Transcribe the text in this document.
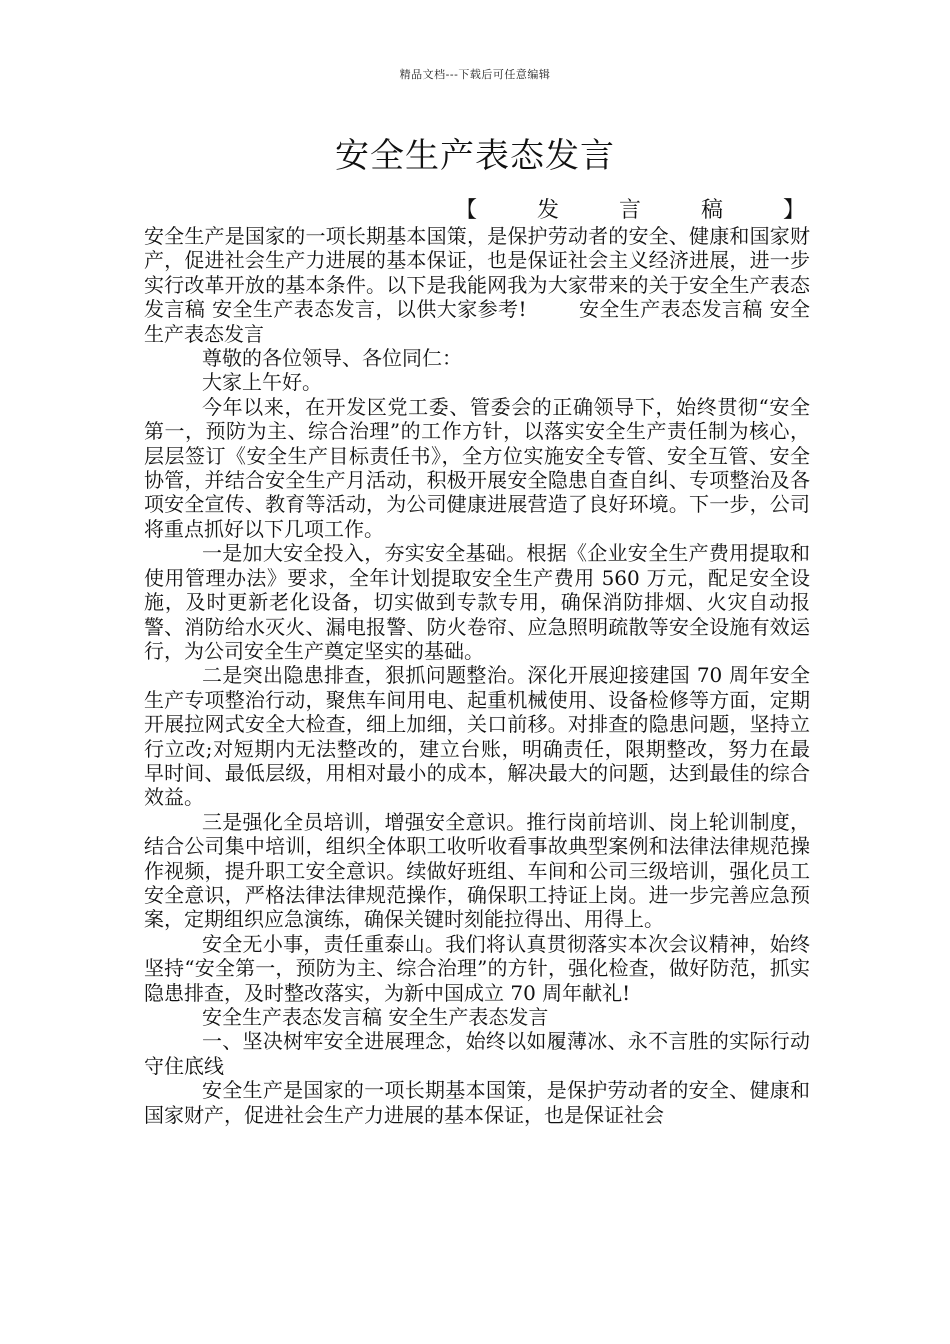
精品文档---下载后可任意编辑
安全生产表态发言
【	发	言	稿	】

安全生产是国家的一项长期基本国策，是保护劳动者的安全、健康和国家财产，促进社会生产力进展的基本保证，也是保证社会主义经济进展，进一步实行改革开放的基本条件。以下是我能网我为大家带来的关于安全生产表态发言稿 安全生产表态发言，以供大家参考!	安全生产表态发言稿 安全生产表态发言

尊敬的各位领导、各位同仁：

大家上午好。

今年以来，在开发区党工委、管委会的正确领导下，始终贯彻“安全第一，预防为主、综合治理”的工作方针，以落实安全生产责任制为核心，层层签订《安全生产目标责任书》，全方位实施安全专管、安全互管、安全协管，并结合安全生产月活动，积极开展安全隐患自查自纠、专项整治及各项安全宣传、教育等活动，为公司健康进展营造了良好环境。下一步，公司将重点抓好以下几项工作。

一是加大安全投入，夯实安全基础。根据《企业安全生产费用提取和使用管理办法》要求，全年计划提取安全生产费用 560 万元，配足安全设施，及时更新老化设备，切实做到专款专用，确保消防排烟、火灾自动报警、消防给水灭火、漏电报警、防火卷帘、应急照明疏散等安全设施有效运行，为公司安全生产奠定坚实的基础。

二是突出隐患排查，狠抓问题整治。深化开展迎接建国 70 周年安全生产专项整治行动，聚焦车间用电、起重机械使用、设备检修等方面，定期开展拉网式安全大检查，细上加细，关口前移。对排查的隐患问题，坚持立行立改;对短期内无法整改的，建立台账，明确责任，限期整改，努力在最早时间、最低层级，用相对最小的成本，解决最大的问题，达到最佳的综合效益。

三是强化全员培训，增强安全意识。推行岗前培训、岗上轮训制度，结合公司集中培训，组织全体职工收听收看事故典型案例和法律法律规范操作视频，提升职工安全意识。续做好班组、车间和公司三级培训，强化员工安全意识，严格法律法律规范操作，确保职工持证上岗。进一步完善应急预案，定期组织应急演练，确保关键时刻能拉得出、用得上。

安全无小事，责任重泰山。我们将认真贯彻落实本次会议精神，始终坚持“安全第一，预防为主、综合治理”的方针，强化检查，做好防范，抓实隐患排查，及时整改落实，为新中国成立 70 周年献礼!

安全生产表态发言稿 安全生产表态发言

一、坚决树牢安全进展理念，始终以如履薄冰、永不言胜的实际行动守住底线

安全生产是国家的一项长期基本国策，是保护劳动者的安全、健康和国家财产，促进社会生产力进展的基本保证，也是保证社会
